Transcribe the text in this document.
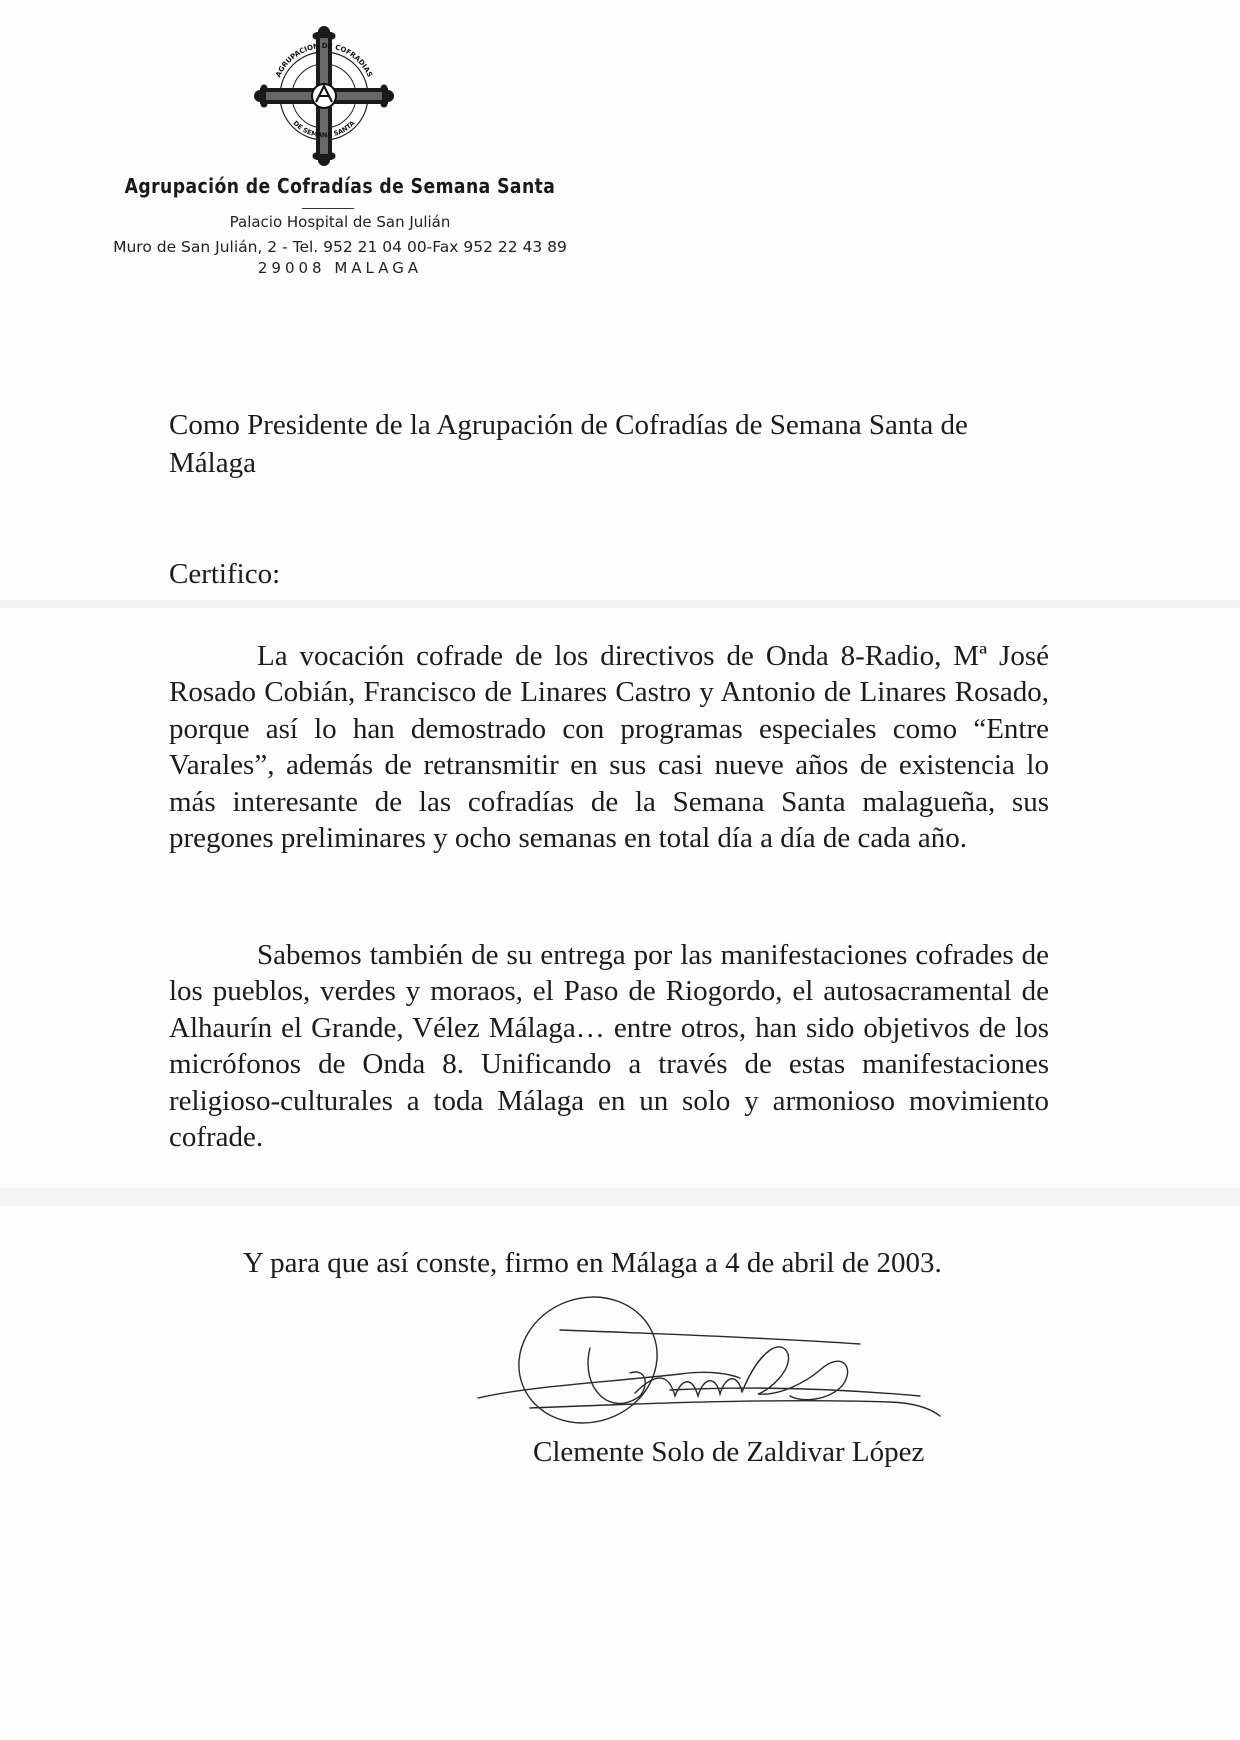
AGRUPACION DE COFRADIAS
DE SEMANA SANTA
Agrupación de Cofradías de Semana Santa
Palacio Hospital de San Julián
Muro de San Julián, 2 - Tel. 952 21 04 00-Fax 952 22 43 89
29008 MALAGA
Como Presidente de la Agrupación de Cofradías de Semana Santa de Málaga
Certifico:

La vocación cofrade de los directivos de Onda 8-Radio, Mª José Rosado Cobián, Francisco de Linares Castro y Antonio de Linares Rosado, porque así lo han demostrado con programas especiales como “Entre Varales”, además de retransmitir en sus casi nueve años de existencia lo más interesante de las cofradías de la Semana Santa malagueña, sus pregones preliminares y ocho semanas en total día a día de cada año.

Sabemos también de su entrega por las manifestaciones cofrades de los pueblos, verdes y moraos, el Paso de Riogordo, el autosacramental de Alhaurín el Grande, Vélez Málaga… entre otros, han sido objetivos de los micrófonos de Onda 8. Unificando a través de estas manifestaciones religioso-culturales a toda Málaga en un solo y armonioso movimiento cofrade.

Y para que así conste, firmo en Málaga a 4 de abril de 2003.
Clemente Solo de Zaldivar López
